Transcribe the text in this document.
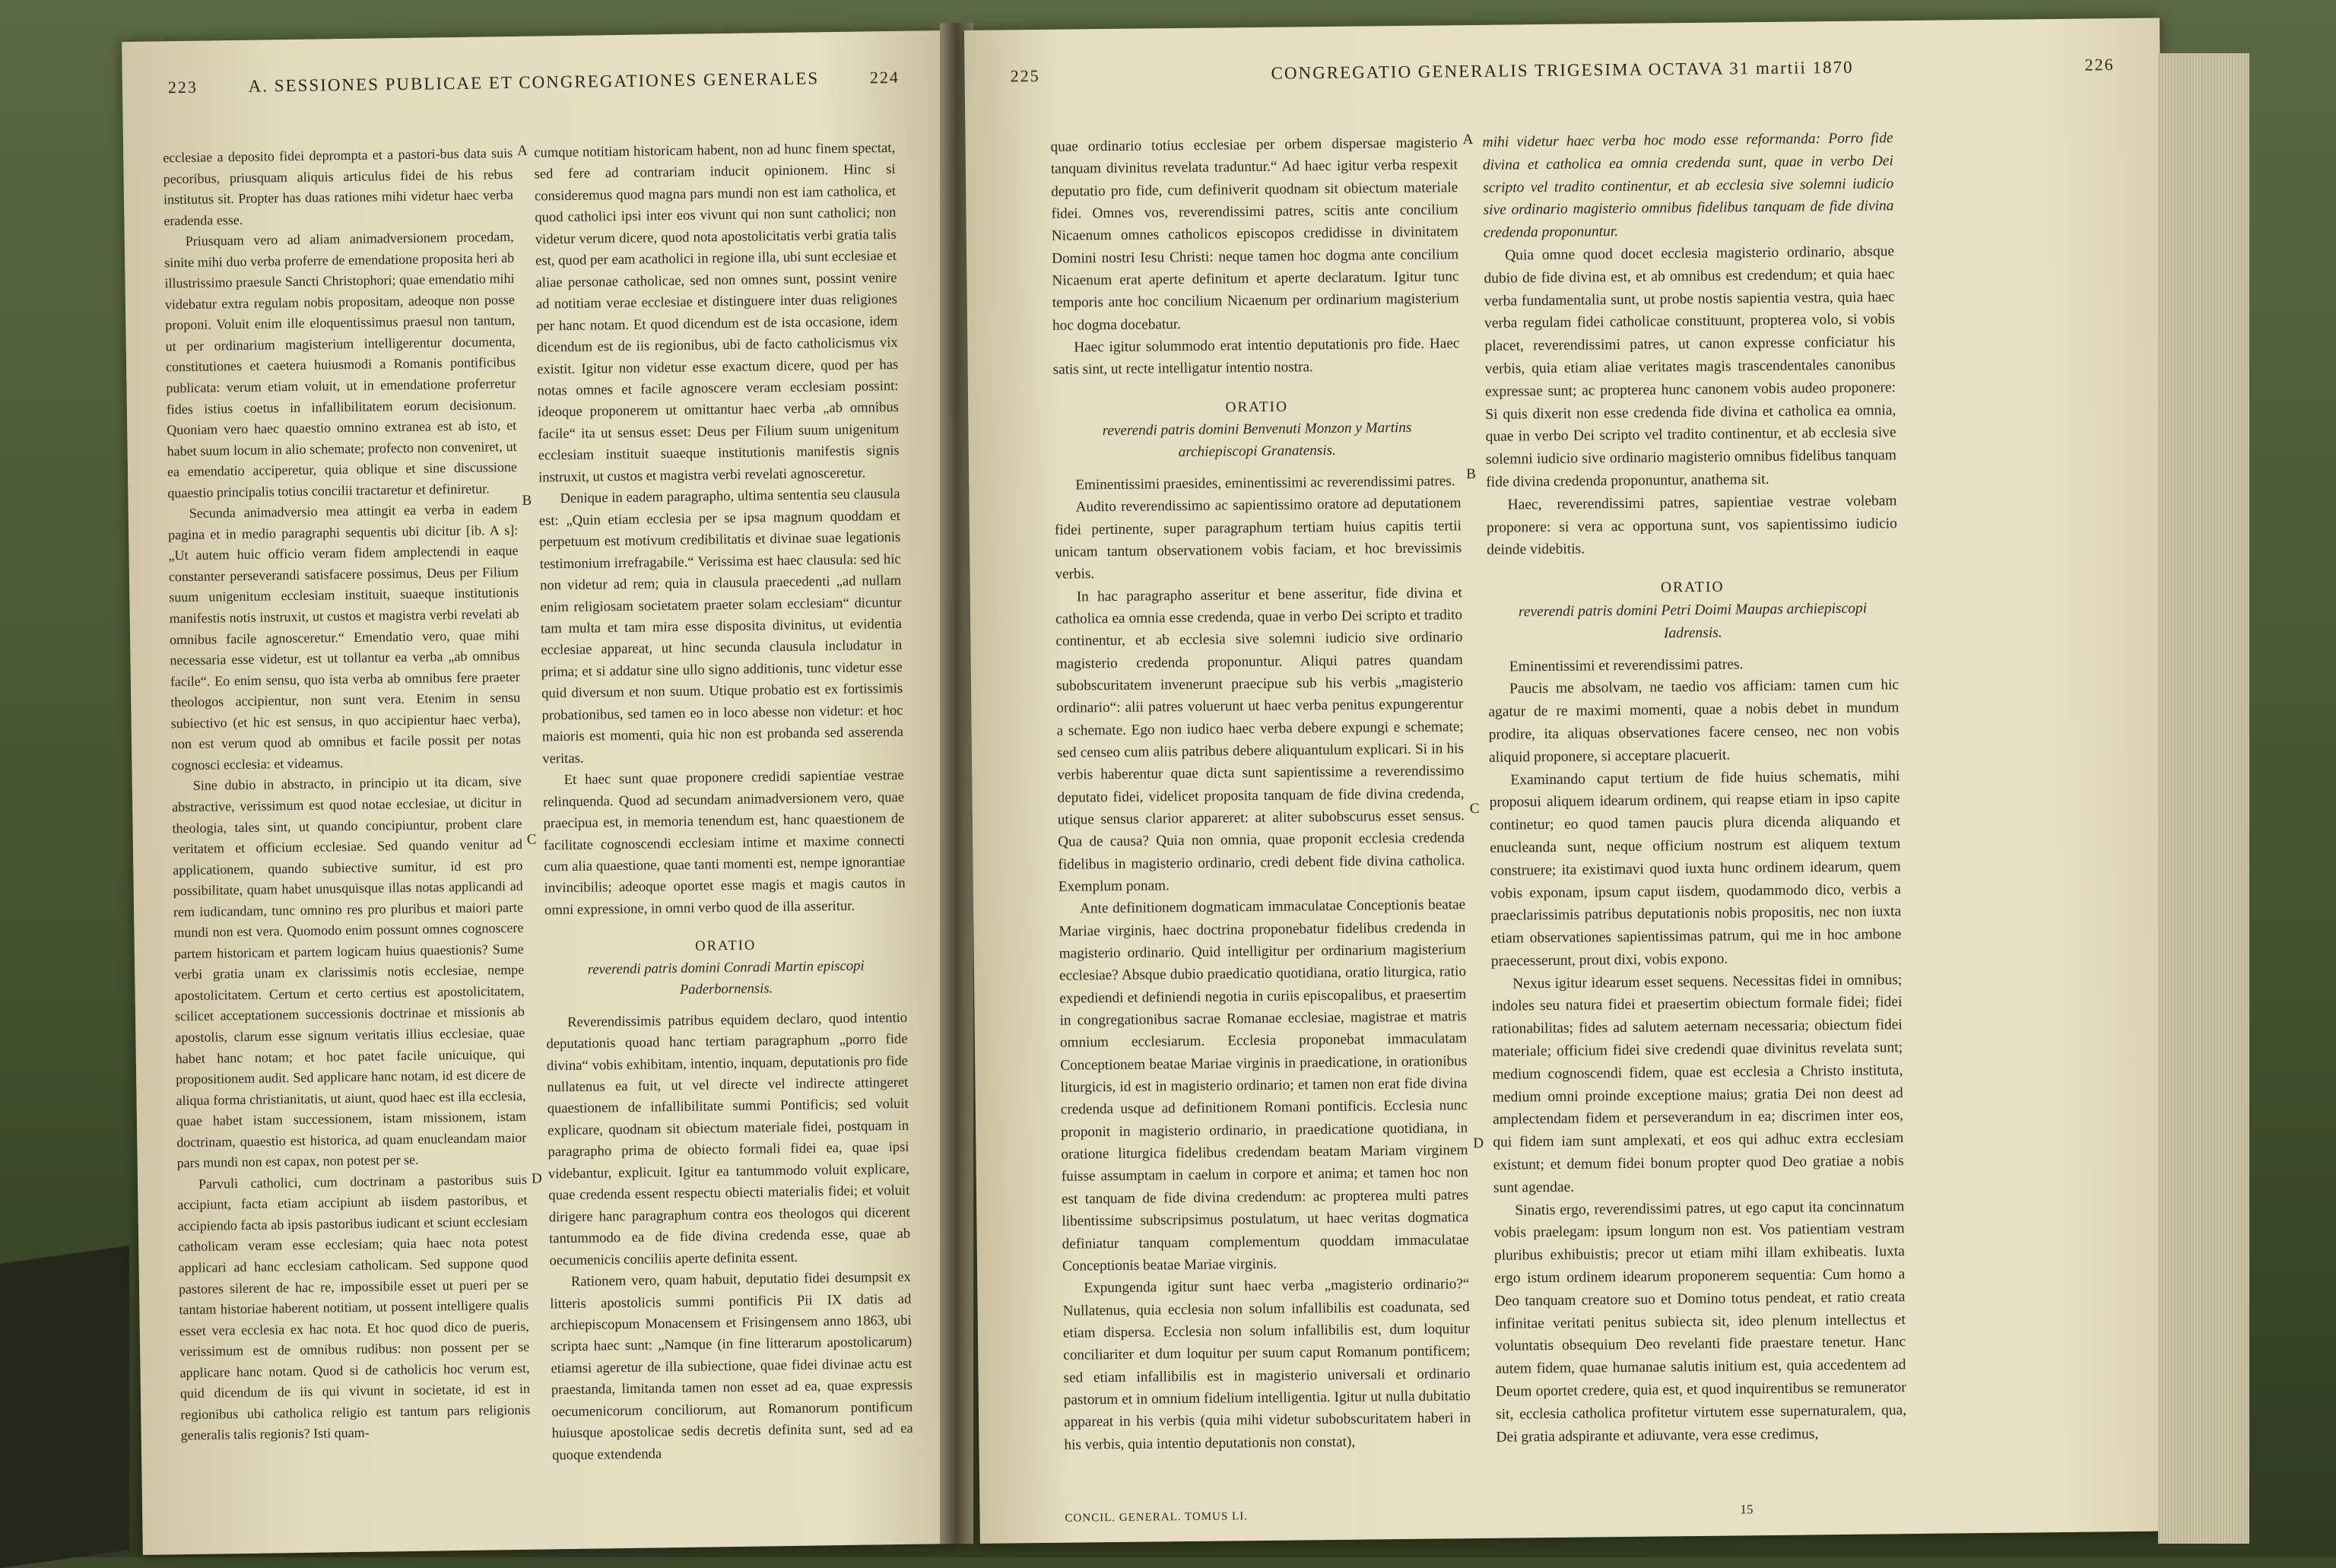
223	A. SESSIONES PUBLICAE ET CONGREGATIONES GENERALES	224

ecclesiae a deposito fidei deprompta et a pastori-bus data suis pecoribus, priusquam aliquis articulus fidei de his rebus institutus sit. Propter has duas rationes mihi videtur haec verba eradenda esse.

Priusquam vero ad aliam animadversionem procedam, sinite mihi duo verba proferre de emendatione proposita heri ab illustrissimo praesule Sancti Christophori; quae emendatio mihi videbatur extra regulam nobis propositam, adeoque non posse proponi. Voluit enim ille eloquentissimus praesul non tantum, ut per ordinarium magisterium intelligerentur documenta, constitutiones et caetera huiusmodi a Romanis pontificibus publicata: verum etiam voluit, ut in emendatione proferretur fides istius coetus in infallibilitatem eorum decisionum. Quoniam vero haec quaestio omnino extranea est ab isto, et habet suum locum in alio schemate; profecto non conveniret, ut ea emendatio acciperetur, quia oblique et sine discussione quaestio principalis totius concilii tractaretur et definiretur.

Secunda animadversio mea attingit ea verba in eadem pagina et in medio paragraphi sequentis ubi dicitur [ib. A s]: „Ut autem huic officio veram fidem amplectendi in eaque constanter perseverandi satisfacere possimus, Deus per Filium suum unigenitum ecclesiam instituit, suaeque institutionis manifestis notis instruxit, ut custos et magistra verbi revelati ab omnibus facile agnosceretur.“ Emendatio vero, quae mihi necessaria esse videtur, est ut tollantur ea verba „ab omnibus facile“. Eo enim sensu, quo ista verba ab omnibus fere praeter theologos accipientur, non sunt vera. Etenim in sensu subiectivo (et hic est sensus, in quo accipientur haec verba), non est verum quod ab omnibus et facile possit per notas cognosci ecclesia: et videamus.

Sine dubio in abstracto, in principio ut ita dicam, sive abstractive, verissimum est quod notae ecclesiae, ut dicitur in theologia, tales sint, ut quando concipiuntur, probent clare veritatem et officium ecclesiae. Sed quando venitur ad applicationem, quando subiective sumitur, id est pro possibilitate, quam habet unusquisque illas notas applicandi ad rem iudicandam, tunc omnino res pro pluribus et maiori parte mundi non est vera. Quomodo enim possunt omnes cognoscere partem historicam et partem logicam huius quaestionis? Sume verbi gratia unam ex clarissimis notis ecclesiae, nempe apostolicitatem. Certum et certo certius est apostolicitatem, scilicet acceptationem successionis doctrinae et missionis ab apostolis, clarum esse signum veritatis illius ecclesiae, quae habet hanc notam; et hoc patet facile unicuique, qui propositionem audit. Sed applicare hanc notam, id est dicere de aliqua forma christianitatis, ut aiunt, quod haec est illa ecclesia, quae habet istam successionem, istam missionem, istam doctrinam, quaestio est historica, ad quam enucleandam maior pars mundi non est capax, non potest per se.

Parvuli catholici, cum doctrinam a pastoribus suis accipiunt, facta etiam accipiunt ab iisdem pastoribus, et accipiendo facta ab ipsis pastoribus iudicant et sciunt ecclesiam catholicam veram esse ecclesiam; quia haec nota potest applicari ad hanc ecclesiam catholicam. Sed suppone quod pastores silerent de hac re, impossibile esset ut pueri per se tantam historiae haberent notitiam, ut possent intelligere qualis esset vera ecclesia ex hac nota. Et hoc quod dico de pueris, verissimum est de omnibus rudibus: non possent per se applicare hanc notam. Quod si de catholicis hoc verum est, quid dicendum de iis qui vivunt in societate, id est in regionibus ubi catholica religio est tantum pars religionis generalis talis regionis? Isti quam-

A
B
C
D

cumque notitiam historicam habent, non ad hunc finem spectat, sed fere ad contrariam inducit opinionem. Hinc si consideremus quod magna pars mundi non est iam catholica, et quod catholici ipsi inter eos vivunt qui non sunt catholici; non videtur verum dicere, quod nota apostolicitatis verbi gratia talis est, quod per eam acatholici in regione illa, ubi sunt ecclesiae et aliae personae catholicae, sed non omnes sunt, possint venire ad notitiam verae ecclesiae et distinguere inter duas religiones per hanc notam. Et quod dicendum est de ista occasione, idem dicendum est de iis regionibus, ubi de facto catholicismus vix existit. Igitur non videtur esse exactum dicere, quod per has notas omnes et facile agnoscere veram ecclesiam possint: ideoque proponerem ut omittantur haec verba „ab omnibus facile“ ita ut sensus esset: Deus per Filium suum unigenitum ecclesiam instituit suaeque institutionis manifestis signis instruxit, ut custos et magistra verbi revelati agnosceretur.

Denique in eadem paragrapho, ultima sententia seu clausula est: „Quin etiam ecclesia per se ipsa magnum quoddam et perpetuum est motivum credibilitatis et divinae suae legationis testimonium irrefragabile.“ Verissima est haec clausula: sed hic non videtur ad rem; quia in clausula praecedenti „ad nullam enim religiosam societatem praeter solam ecclesiam“ dicuntur tam multa et tam mira esse disposita divinitus, ut evidentia ecclesiae appareat, ut hinc secunda clausula includatur in prima; et si addatur sine ullo signo additionis, tunc videtur esse quid diversum et non suum. Utique probatio est ex fortissimis probationibus, sed tamen eo in loco abesse non videtur: et hoc maioris est momenti, quia hic non est probanda sed asserenda veritas.

Et haec sunt quae proponere credidi sapientiae vestrae relinquenda. Quod ad secundam animadversionem vero, quae praecipua est, in memoria tenendum est, hanc quaestionem de facilitate cognoscendi ecclesiam intime et maxime connecti cum alia quaestione, quae tanti momenti est, nempe ignorantiae invincibilis; adeoque oportet esse magis et magis cautos in omni expressione, in omni verbo quod de illa asseritur.

ORATIO

reverendi patris domini Conradi Martin episcopi Paderbornensis.

Reverendissimis patribus equidem declaro, quod intentio deputationis quoad hanc tertiam paragraphum „porro fide divina“ vobis exhibitam, intentio, inquam, deputationis pro fide nullatenus ea fuit, ut vel directe vel indirecte attingeret quaestionem de infallibilitate summi Pontificis; sed voluit explicare, quodnam sit obiectum materiale fidei, postquam in paragrapho prima de obiecto formali fidei ea, quae ipsi videbantur, explicuit. Igitur ea tantummodo voluit explicare, quae credenda essent respectu obiecti materialis fidei; et voluit dirigere hanc paragraphum contra eos theologos qui dicerent tantummodo ea de fide divina credenda esse, quae ab oecumenicis conciliis aperte definita essent.

Rationem vero, quam habuit, deputatio fidei desumpsit ex litteris apostolicis summi pontificis Pii IX datis ad archiepiscopum Monacensem et Frisingensem anno 1863, ubi scripta haec sunt: „Namque (in fine litterarum apostolicarum) etiamsi ageretur de illa subiectione, quae fidei divinae actu est praestanda, limitanda tamen non esset ad ea, quae expressis oecumenicorum conciliorum, aut Romanorum pontificum huiusque apostolicae sedis decretis definita sunt, sed ad ea quoque extendenda

225	CONGREGATIO GENERALIS TRIGESIMA OCTAVA 31 martii 1870	226

quae ordinario totius ecclesiae per orbem dispersae magisterio tanquam divinitus revelata traduntur.“ Ad haec igitur verba respexit deputatio pro fide, cum definiverit quodnam sit obiectum materiale fidei. Omnes vos, reverendissimi patres, scitis ante concilium Nicaenum omnes catholicos episcopos credidisse in divinitatem Domini nostri Iesu Christi: neque tamen hoc dogma ante concilium Nicaenum erat aperte definitum et aperte declaratum. Igitur tunc temporis ante hoc concilium Nicaenum per ordinarium magisterium hoc dogma docebatur.

Haec igitur solummodo erat intentio deputationis pro fide. Haec satis sint, ut recte intelligatur intentio nostra.

ORATIO

reverendi patris domini Benvenuti Monzon y Martins archiepiscopi Granatensis.

Eminentissimi praesides, eminentissimi ac reverendissimi patres.

Audito reverendissimo ac sapientissimo oratore ad deputationem fidei pertinente, super paragraphum tertiam huius capitis tertii unicam tantum observationem vobis faciam, et hoc brevissimis verbis.

In hac paragrapho asseritur et bene asseritur, fide divina et catholica ea omnia esse credenda, quae in verbo Dei scripto et tradito continentur, et ab ecclesia sive solemni iudicio sive ordinario magisterio credenda proponuntur. Aliqui patres quandam subobscuritatem invenerunt praecipue sub his verbis „magisterio ordinario“: alii patres voluerunt ut haec verba penitus expungerentur a schemate. Ego non iudico haec verba debere expungi e schemate; sed censeo cum aliis patribus debere aliquantulum explicari. Si in his verbis haberentur quae dicta sunt sapientissime a reverendissimo deputato fidei, videlicet proposita tanquam de fide divina credenda, utique sensus clarior appareret: at aliter subobscurus esset sensus. Qua de causa? Quia non omnia, quae proponit ecclesia credenda fidelibus in magisterio ordinario, credi debent fide divina catholica. Exemplum ponam.

Ante definitionem dogmaticam immaculatae Conceptionis beatae Mariae virginis, haec doctrina proponebatur fidelibus credenda in magisterio ordinario. Quid intelligitur per ordinarium magisterium ecclesiae? Absque dubio praedicatio quotidiana, oratio liturgica, ratio expediendi et definiendi negotia in curiis episcopalibus, et praesertim in congregationibus sacrae Romanae ecclesiae, magistrae et matris omnium ecclesiarum. Ecclesia proponebat immaculatam Conceptionem beatae Mariae virginis in praedicatione, in orationibus liturgicis, id est in magisterio ordinario; et tamen non erat fide divina credenda usque ad definitionem Romani pontificis. Ecclesia nunc proponit in magisterio ordinario, in praedicatione quotidiana, in oratione liturgica fidelibus credendam beatam Mariam virginem fuisse assumptam in caelum in corpore et anima; et tamen hoc non est tanquam de fide divina credendum: ac propterea multi patres libentissime subscripsimus postulatum, ut haec veritas dogmatica definiatur tanquam complementum quoddam immaculatae Conceptionis beatae Mariae virginis.

Expungenda igitur sunt haec verba „magisterio ordinario?“ Nullatenus, quia ecclesia non solum infallibilis est coadunata, sed etiam dispersa. Ecclesia non solum infallibilis est, dum loquitur conciliariter et dum loquitur per suum caput Romanum pontificem; sed etiam infallibilis est in magisterio universali et ordinario pastorum et in omnium fidelium intelligentia. Igitur ut nulla dubitatio appareat in his verbis (quia mihi videtur subobscuritatem haberi in his verbis, quia intentio deputationis non constat),

A
B
C
D

mihi videtur haec verba hoc modo esse reformanda: Porro fide divina et catholica ea omnia credenda sunt, quae in verbo Dei scripto vel tradito continentur, et ab ecclesia sive solemni iudicio sive ordinario magisterio omnibus fidelibus tanquam de fide divina credenda proponuntur.

Quia omne quod docet ecclesia magisterio ordinario, absque dubio de fide divina est, et ab omnibus est credendum; et quia haec verba fundamentalia sunt, ut probe nostis sapientia vestra, quia haec verba regulam fidei catholicae constituunt, propterea volo, si vobis placet, reverendissimi patres, ut canon expresse conficiatur his verbis, quia etiam aliae veritates magis trascendentales canonibus expressae sunt; ac propterea hunc canonem vobis audeo proponere: Si quis dixerit non esse credenda fide divina et catholica ea omnia, quae in verbo Dei scripto vel tradito continentur, et ab ecclesia sive solemni iudicio sive ordinario magisterio omnibus fidelibus tanquam fide divina credenda proponuntur, anathema sit.

Haec, reverendissimi patres, sapientiae vestrae volebam proponere: si vera ac opportuna sunt, vos sapientissimo iudicio deinde videbitis.

ORATIO

reverendi patris domini Petri Doimi Maupas archiepiscopi Iadrensis.

Eminentissimi et reverendissimi patres.

Paucis me absolvam, ne taedio vos afficiam: tamen cum hic agatur de re maximi momenti, quae a nobis debet in mundum prodire, ita aliquas observationes facere censeo, nec non vobis aliquid proponere, si acceptare placuerit.

Examinando caput tertium de fide huius schematis, mihi proposui aliquem idearum ordinem, qui reapse etiam in ipso capite continetur; eo quod tamen paucis plura dicenda aliquando et enucleanda sunt, neque officium nostrum est aliquem textum construere; ita existimavi quod iuxta hunc ordinem idearum, quem vobis exponam, ipsum caput iisdem, quodammodo dico, verbis a praeclarissimis patribus deputationis nobis propositis, nec non iuxta etiam observationes sapientissimas patrum, qui me in hoc ambone praecesserunt, prout dixi, vobis expono.

Nexus igitur idearum esset sequens. Necessitas fidei in omnibus; indoles seu natura fidei et praesertim obiectum formale fidei; fidei rationabilitas; fides ad salutem aeternam necessaria; obiectum fidei materiale; officium fidei sive credendi quae divinitus revelata sunt; medium cognoscendi fidem, quae est ecclesia a Christo instituta, medium omni proinde exceptione maius; gratia Dei non deest ad amplectendam fidem et perseverandum in ea; discrimen inter eos, qui fidem iam sunt amplexati, et eos qui adhuc extra ecclesiam existunt; et demum fidei bonum propter quod Deo gratiae a nobis sunt agendae.

Sinatis ergo, reverendissimi patres, ut ego caput ita concinnatum vobis praelegam: ipsum longum non est. Vos patientiam vestram pluribus exhibuistis; precor ut etiam mihi illam exhibeatis. Iuxta ergo istum ordinem idearum proponerem sequentia: Cum homo a Deo tanquam creatore suo et Domino totus pendeat, et ratio creata infinitae veritati penitus subiecta sit, ideo plenum intellectus et voluntatis obsequium Deo revelanti fide praestare tenetur. Hanc autem fidem, quae humanae salutis initium est, quia accedentem ad Deum oportet credere, quia est, et quod inquirentibus se remunerator sit, ecclesia catholica profitetur virtutem esse supernaturalem, qua, Dei gratia adspirante et adiuvante, vera esse credimus,

CONCIL. GENERAL. TOMUS LI.
15
